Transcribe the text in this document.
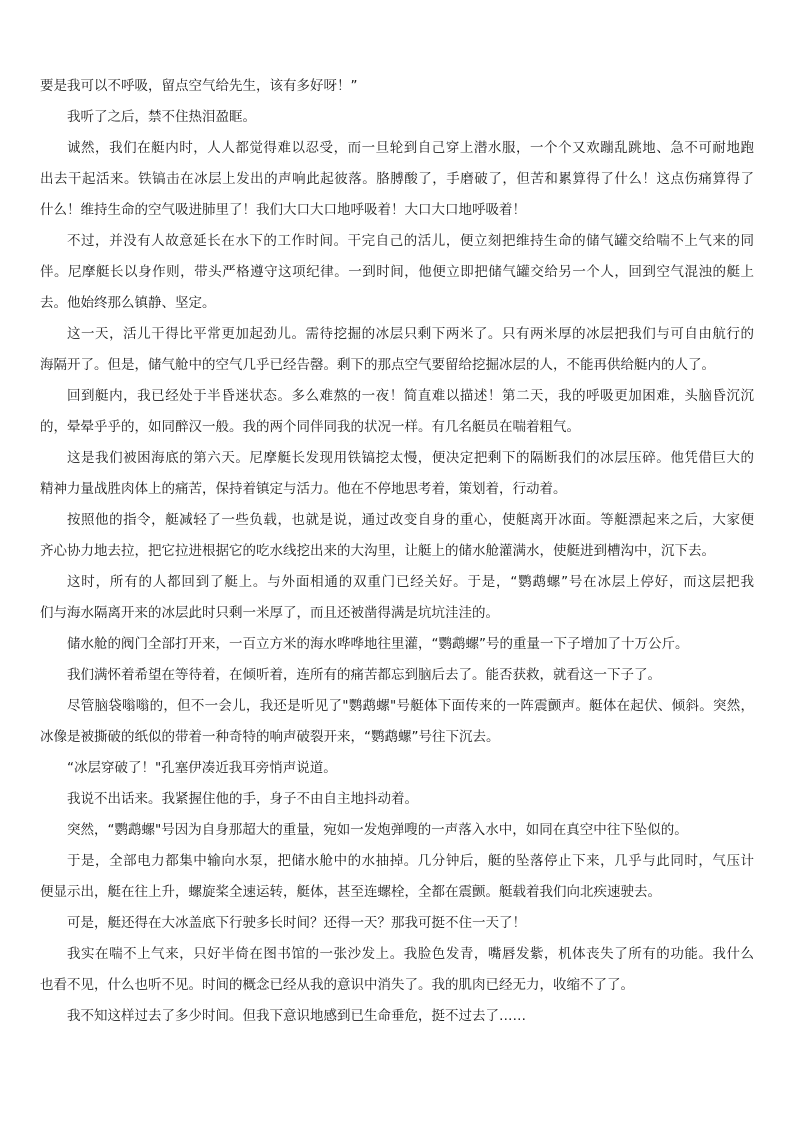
要是我可以不呼吸，留点空气给先生，该有多好呀！”
我听了之后，禁不住热泪盈眶。
诚然，我们在艇内时，人人都觉得难以忍受，而一旦轮到自己穿上潜水服，一个个又欢蹦乱跳地、急不可耐地跑
出去干起活来。铁镐击在冰层上发出的声响此起彼落。胳膊酸了，手磨破了，但苦和累算得了什么！这点伤痛算得了
什么！维持生命的空气吸进肺里了！我们大口大口地呼吸着！大口大口地呼吸着！
不过，并没有人故意延长在水下的工作时间。干完自己的活儿，便立刻把维持生命的储气罐交给喘不上气来的同
伴。尼摩艇长以身作则，带头严格遵守这项纪律。一到时间，他便立即把储气罐交给另一个人，回到空气混浊的艇上
去。他始终那么镇静、坚定。
这一天，活儿干得比平常更加起劲儿。需待挖掘的冰层只剩下两米了。只有两米厚的冰层把我们与可自由航行的
海隔开了。但是，储气舱中的空气几乎已经告罄。剩下的那点空气要留给挖掘冰层的人，不能再供给艇内的人了。
回到艇内，我已经处于半昏迷状态。多么难熬的一夜！简直难以描述！第二天，我的呼吸更加困难，头脑昏沉沉
的，晕晕乎乎的，如同醉汉一般。我的两个同伴同我的状况一样。有几名艇员在喘着粗气。
这是我们被困海底的第六天。尼摩艇长发现用铁镐挖太慢，便决定把剩下的隔断我们的冰层压碎。他凭借巨大的
精神力量战胜肉体上的痛苦，保持着镇定与活力。他在不停地思考着，策划着，行动着。
按照他的指令，艇减轻了一些负载，也就是说，通过改变自身的重心，使艇离开冰面。等艇漂起来之后，大家便
齐心协力地去拉，把它拉进根据它的吃水线挖出来的大沟里，让艇上的储水舱灌满水，使艇进到槽沟中，沉下去。
这时，所有的人都回到了艇上。与外面相通的双重门已经关好。于是，“鹦鹉螺”号在冰层上停好，而这层把我
们与海水隔离开来的冰层此时只剩一米厚了，而且还被凿得满是坑坑洼洼的。
储水舱的阀门全部打开来，一百立方米的海水哗哗地往里灌，“鹦鹉螺”号的重量一下子增加了十万公斤。
我们满怀着希望在等待着，在倾听着，连所有的痛苦都忘到脑后去了。能否获救，就看这一下子了。
尽管脑袋嗡嗡的，但不一会儿，我还是听见了"鹦鹉螺"号艇体下面传来的一阵震颤声。艇体在起伏、倾斜。突然，
冰像是被撕破的纸似的带着一种奇特的响声破裂开来，“鹦鹉螺”号往下沉去。
“冰层穿破了！"孔塞伊凑近我耳旁悄声说道。
我说不出话来。我紧握住他的手，身子不由自主地抖动着。
突然，“鹦鹉螺"号因为自身那超大的重量，宛如一发炮弹嗖的一声落入水中，如同在真空中往下坠似的。
于是，全部电力都集中输向水泵，把储水舱中的水抽掉。几分钟后，艇的坠落停止下来，几乎与此同时，气压计
便显示出，艇在往上升，螺旋桨全速运转，艇体，甚至连螺栓，全都在震颤。艇载着我们向北疾速驶去。
可是，艇还得在大冰盖底下行驶多长时间？还得一天？那我可挺不住一天了！
我实在喘不上气来，只好半倚在图书馆的一张沙发上。我脸色发青，嘴唇发紫，机体丧失了所有的功能。我什么
也看不见，什么也听不见。时间的概念已经从我的意识中消失了。我的肌肉已经无力，收缩不了了。
我不知这样过去了多少时间。但我下意识地感到已生命垂危，挺不过去了……
